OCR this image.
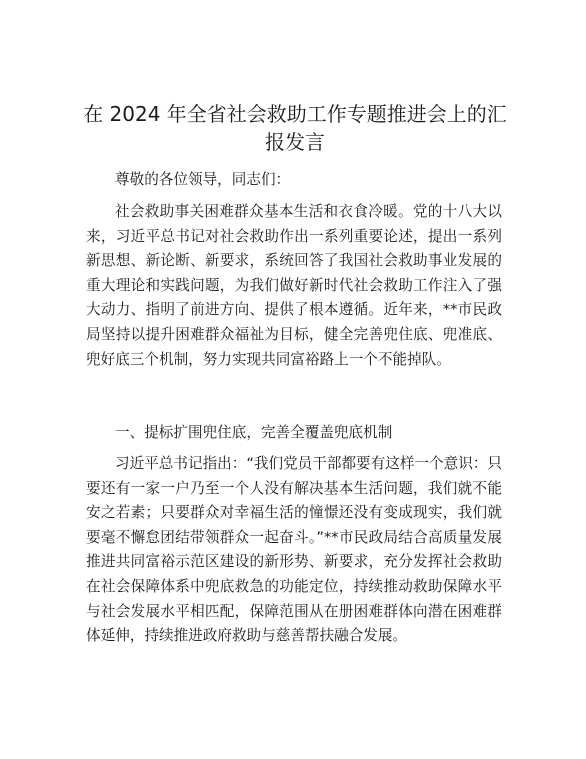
在 2024 年全省社会救助工作专题推进会上的汇报发言

尊敬的各位领导，同志们：

社会救助事关困难群众基本生活和衣食冷暖。党的十八大以来，习近平总书记对社会救助作出一系列重要论述，提出一系列新思想、新论断、新要求，系统回答了我国社会救助事业发展的重大理论和实践问题，为我们做好新时代社会救助工作注入了强大动力、指明了前进方向、提供了根本遵循。近年来，**市民政局坚持以提升困难群众福祉为目标，健全完善兜住底、兜准底、兜好底三个机制，努力实现共同富裕路上一个不能掉队。

一、提标扩围兜住底，完善全覆盖兜底机制

习近平总书记指出：“我们党员干部都要有这样一个意识：只要还有一家一户乃至一个人没有解决基本生活问题，我们就不能安之若素；只要群众对幸福生活的憧憬还没有变成现实，我们就要毫不懈怠团结带领群众一起奋斗。”**市民政局结合高质量发展推进共同富裕示范区建设的新形势、新要求，充分发挥社会救助在社会保障体系中兜底救急的功能定位，持续推动救助保障水平与社会发展水平相匹配，保障范围从在册困难群体向潜在困难群体延伸，持续推进政府救助与慈善帮扶融合发展。
